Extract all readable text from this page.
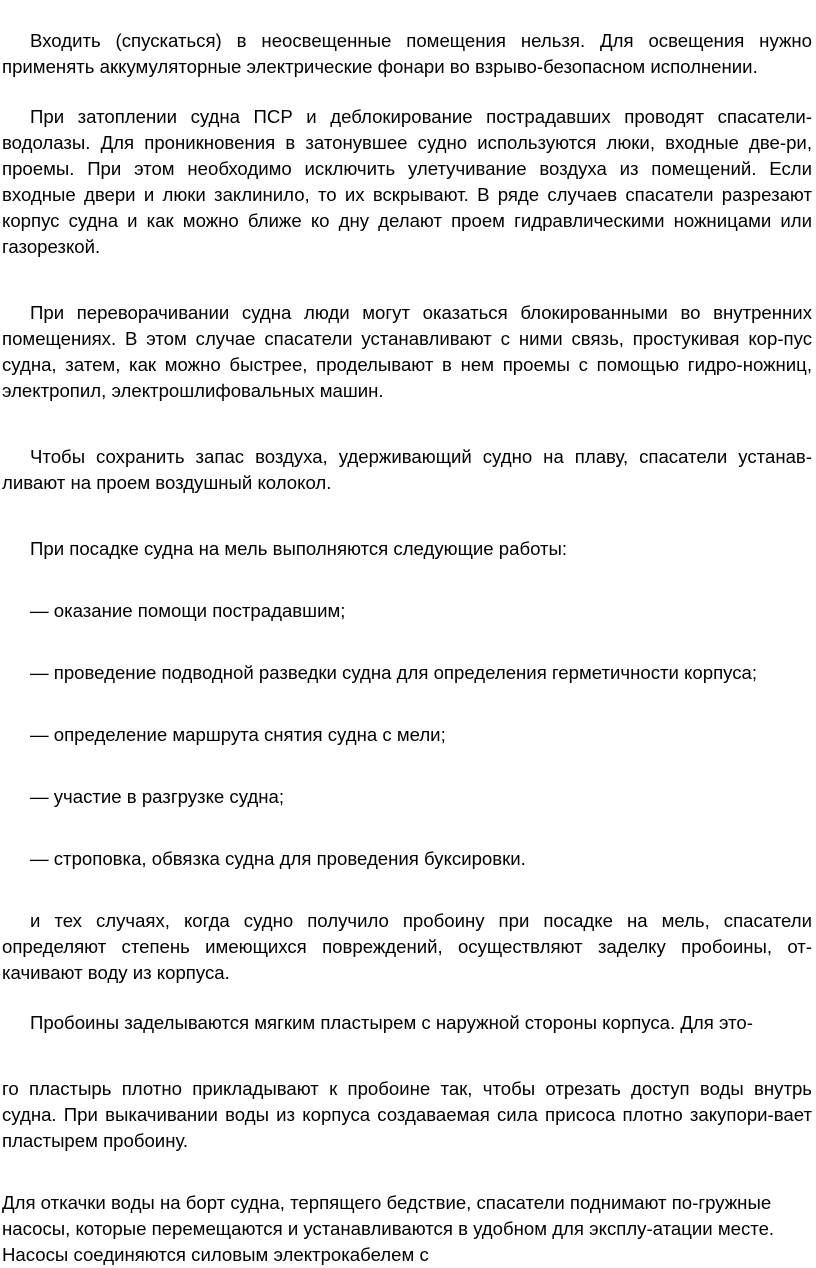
Входить (спускаться) в неосвещенные помещения нельзя. Для освещения нужно применять аккумуляторные электрические фонари во взрыво-безопасном исполнении.

При затоплении судна ПСР и деблокирование пострадавших проводят спасатели-водолазы. Для проникновения в затонувшее судно используются люки, входные две-ри, проемы. При этом необходимо исключить улетучивание воздуха из помещений. Если входные двери и люки заклинило, то их вскрывают. В ряде случаев спасатели разрезают корпус судна и как можно ближе ко дну делают проем гидравлическими ножницами или газорезкой.

При переворачивании судна люди могут оказаться блокированными во внутренних помещениях. В этом случае спасатели устанавливают с ними связь, простукивая кор-пус судна, затем, как можно быстрее, проделывают в нем проемы с помощью гидро-ножниц, электропил, электрошлифовальных машин.

Чтобы сохранить запас воздуха, удерживающий судно на плаву, спасатели устанав-ливают на проем воздушный колокол.

При посадке судна на мель выполняются следующие работы:

— оказание помощи пострадавшим;
— проведение подводной разведки судна для определения герметичности корпуса;
— определение маршрута снятия судна с мели;
— участие в разгрузке судна;
— строповка, обвязка судна для проведения буксировки.

и тех случаях, когда судно получило пробоину при посадке на мель, спасатели определяют степень имеющихся повреждений, осуществляют заделку пробоины, от-качивают воду из корпуса.

Пробоины заделываются мягким пластырем с наружной стороны корпуса. Для это-

го пластырь плотно прикладывают к пробоине так, чтобы отрезать доступ воды внутрь судна. При выкачивании воды из корпуса создаваемая сила присоса плотно закупори-вает пластырем пробоину.

Для откачки воды на борт судна, терпящего бедствие, спасатели поднимают по-гружные насосы, которые перемещаются и устанавливаются в удобном для эксплу-атации месте. Насосы соединяются силовым электрокабелем с
